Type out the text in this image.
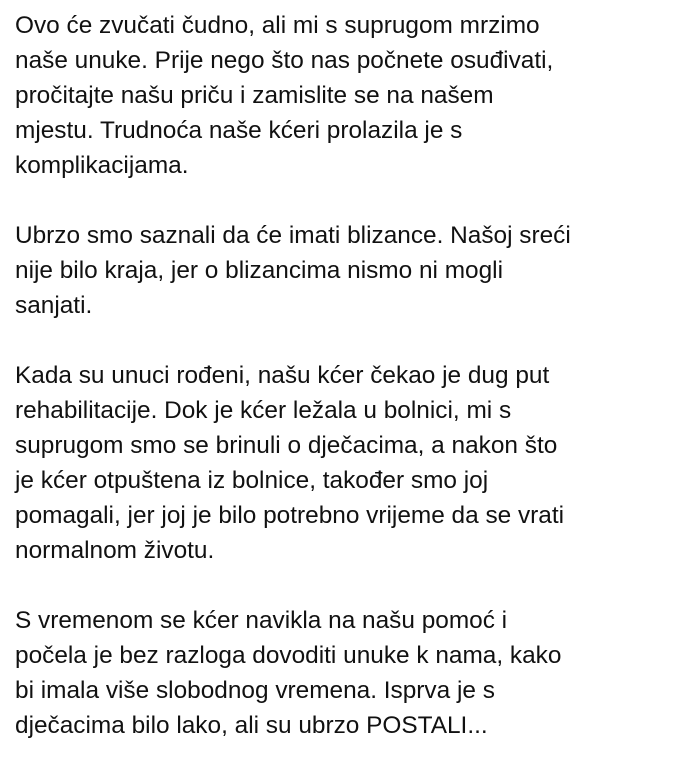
Ovo će zvučati čudno, ali mi s suprugom mrzimo
naše unuke. Prije nego što nas počnete osuđivati,
pročitajte našu priču i zamislite se na našem
mjestu. Trudnoća naše kćeri prolazila je s
komplikacijama.

Ubrzo smo saznali da će imati blizance. Našoj sreći
nije bilo kraja, jer o blizancima nismo ni mogli
sanjati.

Kada su unuci rođeni, našu kćer čekao je dug put
rehabilitacije. Dok je kćer ležala u bolnici, mi s
suprugom smo se brinuli o dječacima, a nakon što
je kćer otpuštena iz bolnice, također smo joj
pomagali, jer joj je bilo potrebno vrijeme da se vrati
normalnom životu.

S vremenom se kćer navikla na našu pomoć i
počela je bez razloga dovoditi unuke k nama, kako
bi imala više slobodnog vremena. Isprva je s
dječacima bilo lako, ali su ubrzo POSTALI...
